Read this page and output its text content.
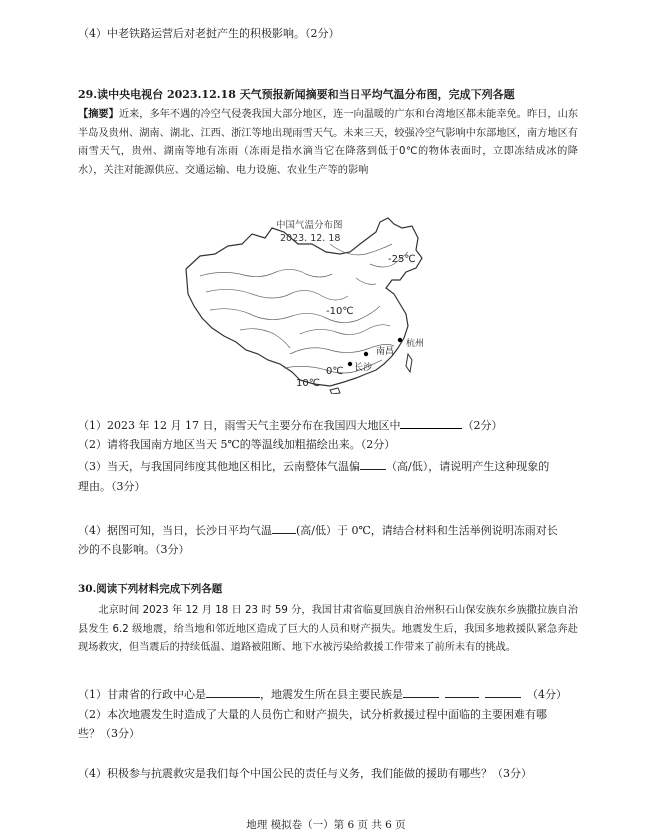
（4）中老铁路运营后对老挝产生的积极影响。（2分）
29.读中央电视台 2023.12.18 天气预报新闻摘要和当日平均气温分布图，完成下列各题
【摘要】近来，多年不遇的冷空气侵袭我国大部分地区，连一向温暖的广东和台湾地区都未能幸免。昨日，山东半岛及贵州、湖南、湖北、江西、浙江等地出现雨雪天气。未来三天，较强冷空气影响中东部地区，南方地区有雨雪天气，贵州、湖南等地有冻雨（冻雨是指水滴当它在降落到低于0℃的物体表面时，立即冻结成冰的降水），关注对能源供应、交通运输、电力设施、农业生产等的影响
中国气温分布图
2023. 12. 18
-25℃
-10℃
南昌
杭州
0℃ 长沙
10℃
（1）2023 年 12 月 17 日，雨雪天气主要分布在我国四大地区中	（2分）
（2）请将我国南方地区当天 5℃的等温线加粗描绘出来。（2分）
（3）当天，与我国同纬度其他地区相比，云南整体气温偏 （高/低），请说明产生这种现象的
理由。（3分）
（4）据图可知，当日，长沙日平均气温 (高/低）于 0℃，请结合材料和生活举例说明冻雨对长
沙的不良影响。（3分）
30.阅读下列材料完成下列各题
北京时间 2023 年 12 月 18 日 23 时 59 分，我国甘肃省临夏回族自治州积石山保安族东乡族撒拉族自治县发生 6.2 级地震，给当地和邻近地区造成了巨大的人员和财产损失。地震发生后，我国多地救援队紧急奔赴现场救灾，但当震后的持续低温、道路被阻断、地下水被污染给救援工作带来了前所未有的挑战。
（1）甘肃省的行政中心是	，地震发生所在县主要民族是	（4分）
（2）本次地震发生时造成了大量的人员伤亡和财产损失，试分析救援过程中面临的主要困难有哪
些？（3分）
（4）积极参与抗震救灾是我们每个中国公民的责任与义务，我们能做的援助有哪些？（3分）
地理 模拟卷（一）第 6 页 共 6 页
